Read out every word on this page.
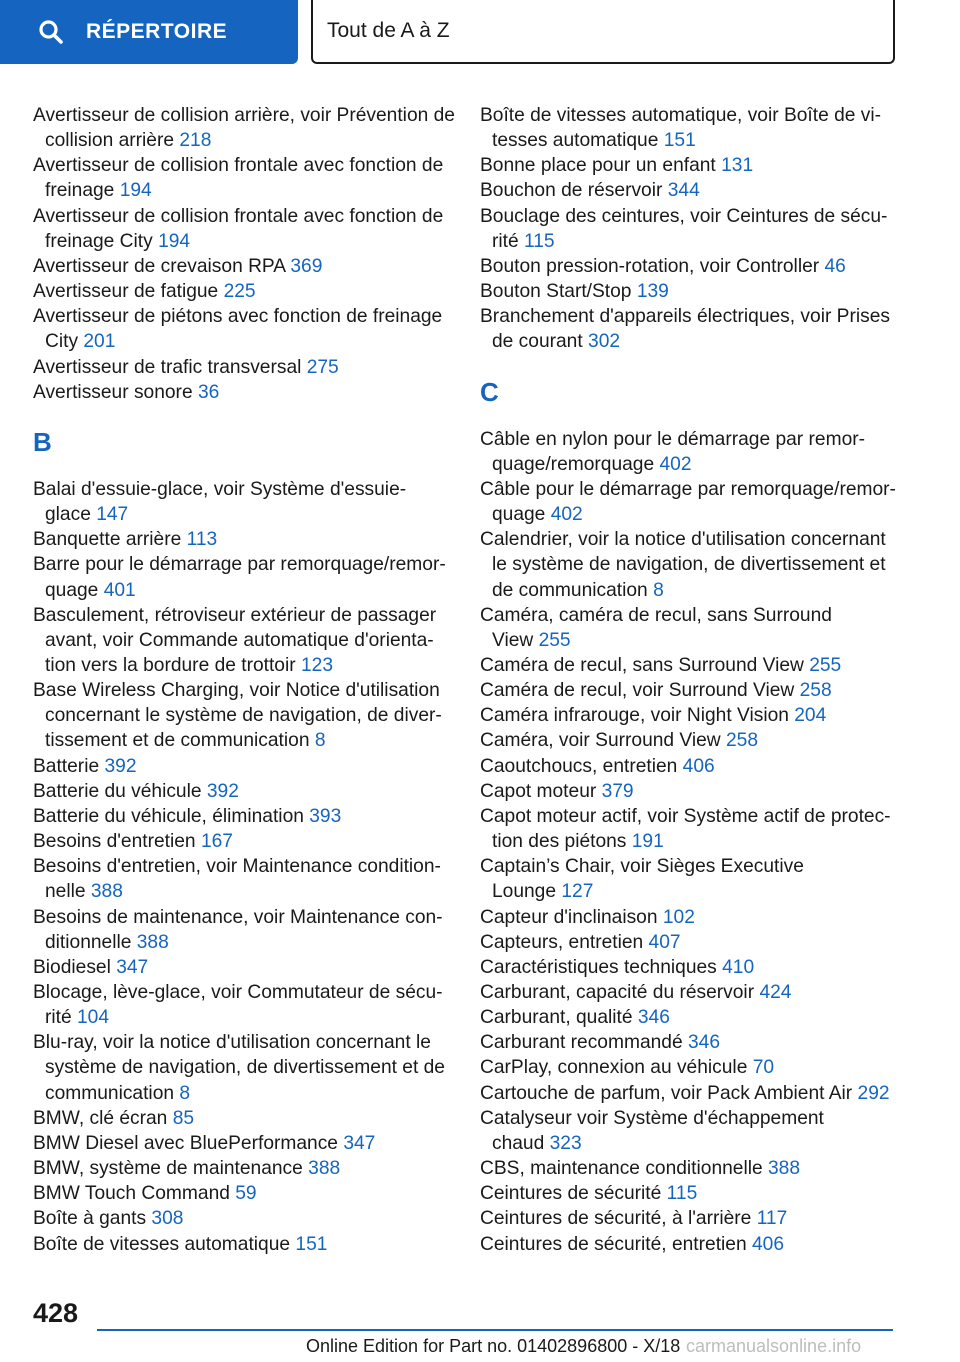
RÉPERTOIRE	Tout de A à Z
Avertisseur de collision arrière, voir Prévention de
collision arrière 218
Avertisseur de collision frontale avec fonction de
freinage 194
Avertisseur de collision frontale avec fonction de
freinage City 194
Avertisseur de crevaison RPA 369
Avertisseur de fatigue 225
Avertisseur de piétons avec fonction de freinage
City 201
Avertisseur de trafic transversal 275
Avertisseur sonore 36
B
Balai d'essuie-glace, voir Système d'essuie-
glace 147
Banquette arrière 113
Barre pour le démarrage par remorquage/remor-
quage 401
Basculement, rétroviseur extérieur de passager
avant, voir Commande automatique d'orienta-
tion vers la bordure de trottoir 123
Base Wireless Charging, voir Notice d'utilisation
concernant le système de navigation, de diver-
tissement et de communication 8
Batterie 392
Batterie du véhicule 392
Batterie du véhicule, élimination 393
Besoins d'entretien 167
Besoins d'entretien, voir Maintenance condition-
nelle 388
Besoins de maintenance, voir Maintenance con-
ditionnelle 388
Biodiesel 347
Blocage, lève-glace, voir Commutateur de sécu-
rité 104
Blu-ray, voir la notice d'utilisation concernant le
système de navigation, de divertissement et de
communication 8
BMW, clé écran 85
BMW Diesel avec BluePerformance 347
BMW, système de maintenance 388
BMW Touch Command 59
Boîte à gants 308
Boîte de vitesses automatique 151
Boîte de vitesses automatique, voir Boîte de vi-
tesses automatique 151
Bonne place pour un enfant 131
Bouchon de réservoir 344
Bouclage des ceintures, voir Ceintures de sécu-
rité 115
Bouton pression-rotation, voir Controller 46
Bouton Start/Stop 139
Branchement d'appareils électriques, voir Prises
de courant 302
C
Câble en nylon pour le démarrage par remor-
quage/remorquage 402
Câble pour le démarrage par remorquage/remor-
quage 402
Calendrier, voir la notice d'utilisation concernant
le système de navigation, de divertissement et
de communication 8
Caméra, caméra de recul, sans Surround
View 255
Caméra de recul, sans Surround View 255
Caméra de recul, voir Surround View 258
Caméra infrarouge, voir Night Vision 204
Caméra, voir Surround View 258
Caoutchoucs, entretien 406
Capot moteur 379
Capot moteur actif, voir Système actif de protec-
tion des piétons 191
Captain’s Chair, voir Sièges Executive
Lounge 127
Capteur d'inclinaison 102
Capteurs, entretien 407
Caractéristiques techniques 410
Carburant, capacité du réservoir 424
Carburant, qualité 346
Carburant recommandé 346
CarPlay, connexion au véhicule 70
Cartouche de parfum, voir Pack Ambient Air 292
Catalyseur voir Système d'échappement
chaud 323
CBS, maintenance conditionnelle 388
Ceintures de sécurité 115
Ceintures de sécurité, à l'arrière 117
Ceintures de sécurité, entretien 406
428
Online Edition for Part no. 01402896800 - X/18 carmanualsonline.info
